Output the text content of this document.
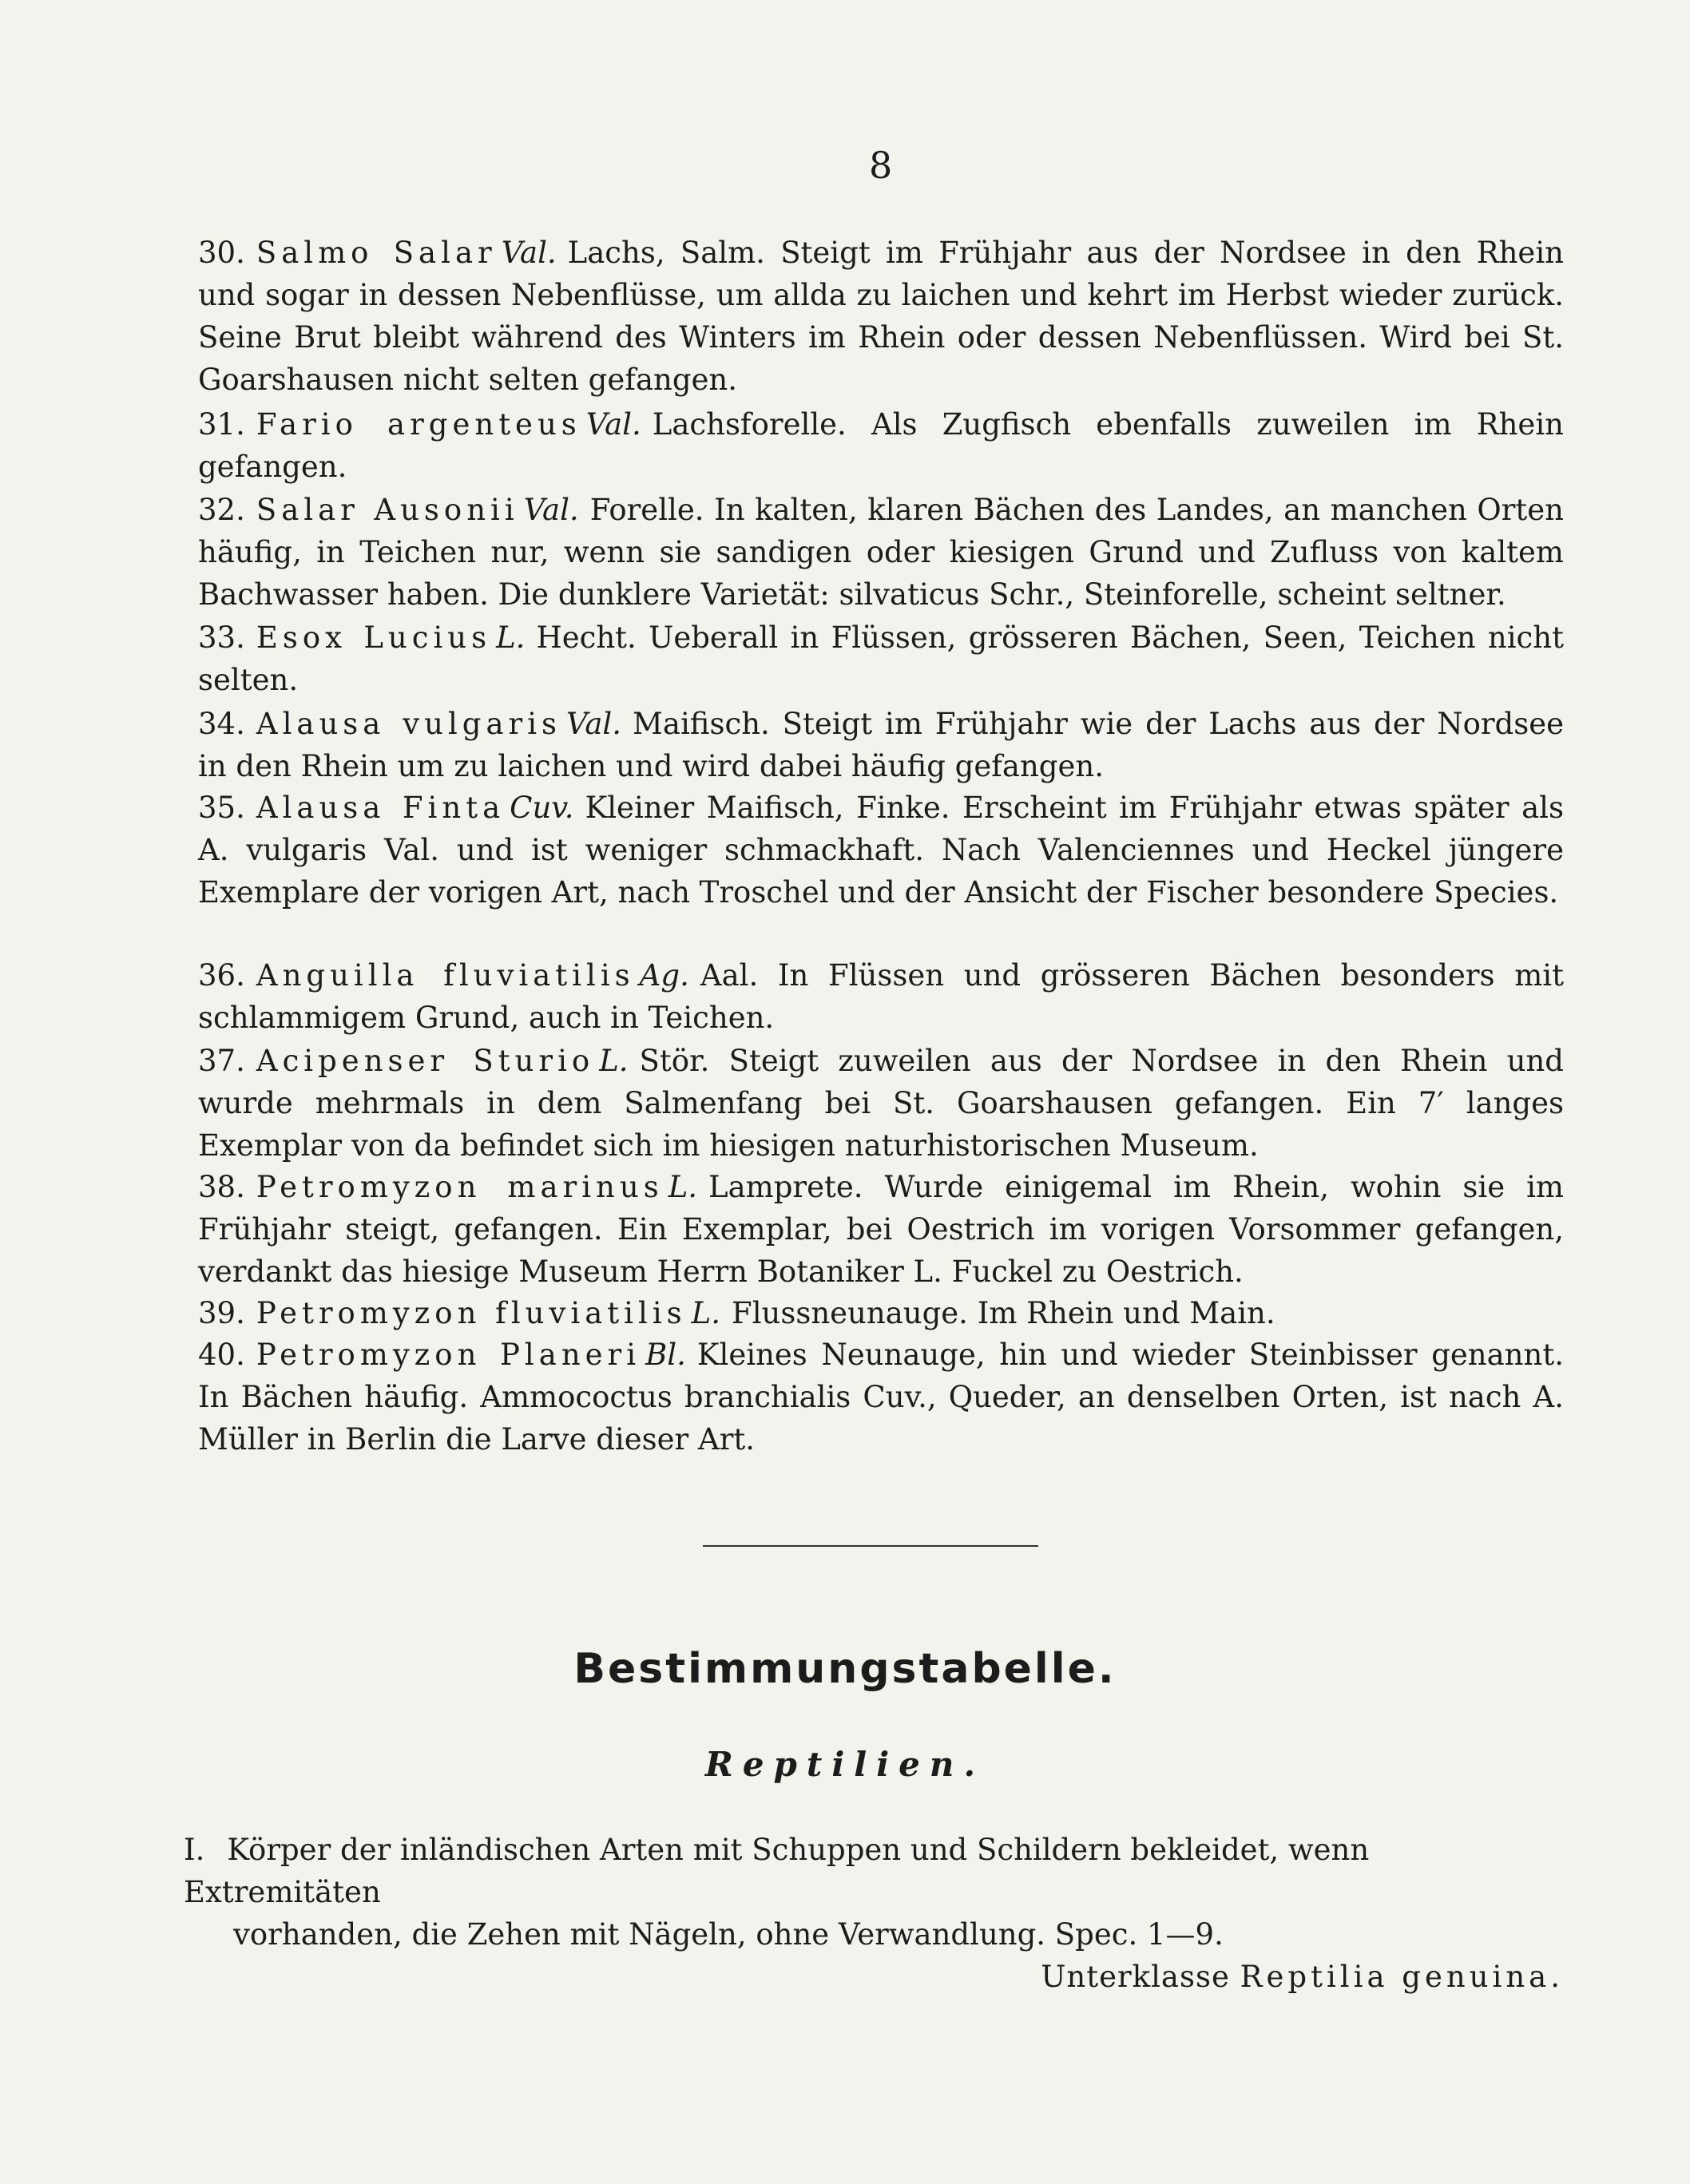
8
30. Salmo Salar Val. Lachs, Salm. Steigt im Frühjahr aus der Nordsee in den Rhein und sogar in dessen Nebenflüsse, um allda zu laichen und kehrt im Herbst wieder zurück. Seine Brut bleibt während des Winters im Rhein oder dessen Nebenflüssen. Wird bei St. Goarshausen nicht selten gefangen.
31. Fario argenteus Val. Lachsforelle. Als Zugfisch ebenfalls zuweilen im Rhein gefangen.
32. Salar Ausonii Val. Forelle. In kalten, klaren Bächen des Landes, an manchen Orten häufig, in Teichen nur, wenn sie sandigen oder kiesigen Grund und Zufluss von kaltem Bachwasser haben. Die dunklere Varietät: silvaticus Schr., Steinforelle, scheint seltner.
33. Esox Lucius L. Hecht. Ueberall in Flüssen, grösseren Bächen, Seen, Teichen nicht selten.
34. Alausa vulgaris Val. Maifisch. Steigt im Frühjahr wie der Lachs aus der Nordsee in den Rhein um zu laichen und wird dabei häufig gefangen.
35. Alausa Finta Cuv. Kleiner Maifisch, Finke. Erscheint im Frühjahr etwas später als A. vulgaris Val. und ist weniger schmackhaft. Nach Valenciennes und Heckel jüngere Exemplare der vorigen Art, nach Troschel und der Ansicht der Fischer besondere Species.
36. Anguilla fluviatilis Ag. Aal. In Flüssen und grösseren Bächen besonders mit schlammigem Grund, auch in Teichen.
37. Acipenser Sturio L. Stör. Steigt zuweilen aus der Nordsee in den Rhein und wurde mehrmals in dem Salmenfang bei St. Goarshausen gefangen. Ein 7′ langes Exemplar von da befindet sich im hiesigen naturhistorischen Museum.
38. Petromyzon marinus L. Lamprete. Wurde einigemal im Rhein, wohin sie im Frühjahr steigt, gefangen. Ein Exemplar, bei Oestrich im vorigen Vorsommer gefangen, verdankt das hiesige Museum Herrn Botaniker L. Fuckel zu Oestrich.
39. Petromyzon fluviatilis L. Flussneunauge. Im Rhein und Main.
40. Petromyzon Planeri Bl. Kleines Neunauge, hin und wieder Steinbisser genannt. In Bächen häufig. Ammococtus branchialis Cuv., Queder, an denselben Orten, ist nach A. Müller in Berlin die Larve dieser Art.
Bestimmungstabelle.
Reptilien.
I. Körper der inländischen Arten mit Schuppen und Schildern bekleidet, wenn Extremitäten
vorhanden, die Zehen mit Nägeln, ohne Verwandlung. Spec. 1—9.
Unterklasse Reptilia genuina.
